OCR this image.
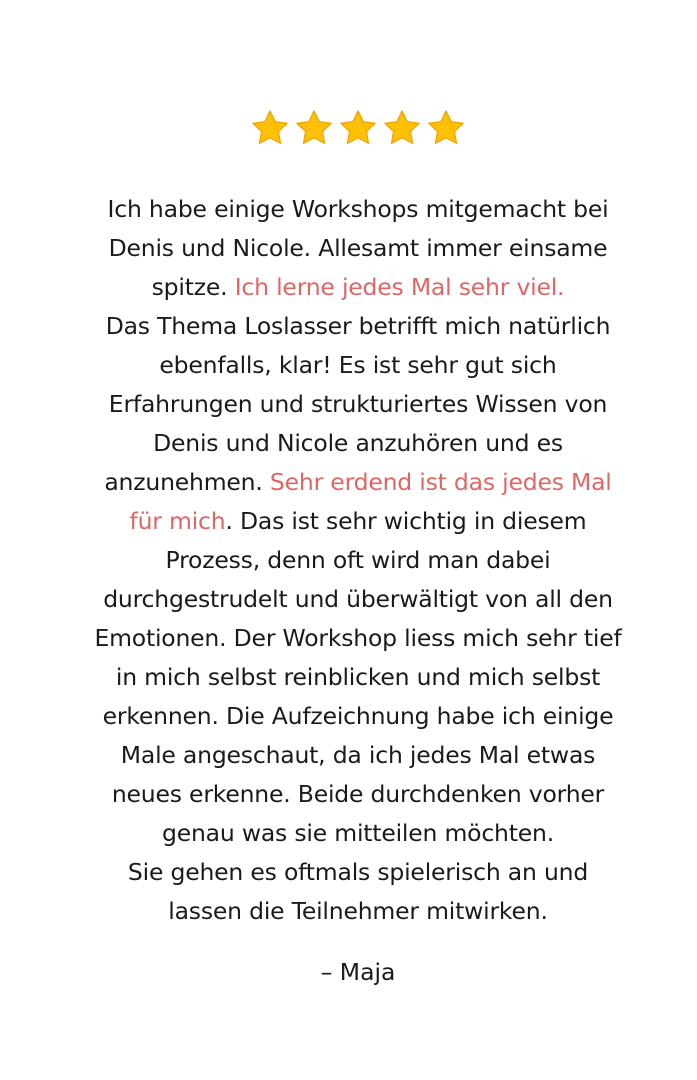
Ich habe einige Workshops mitgemacht bei Denis und Nicole. Allesamt immer einsame spitze. Ich lerne jedes Mal sehr viel.
Das Thema Loslasser betrifft mich natürlich ebenfalls, klar! Es ist sehr gut sich Erfahrungen und strukturiertes Wissen von Denis und Nicole anzuhören und es anzunehmen. Sehr erdend ist das jedes Mal für mich. Das ist sehr wichtig in diesem Prozess, denn oft wird man dabei durchgestrudelt und überwältigt von all den Emotionen. Der Workshop liess mich sehr tief in mich selbst reinblicken und mich selbst erkennen. Die Aufzeichnung habe ich einige Male angeschaut, da ich jedes Mal etwas neues erkenne. Beide durchdenken vorher genau was sie mitteilen möchten.
Sie gehen es oftmals spielerisch an und lassen die Teilnehmer mitwirken.

– Maja
